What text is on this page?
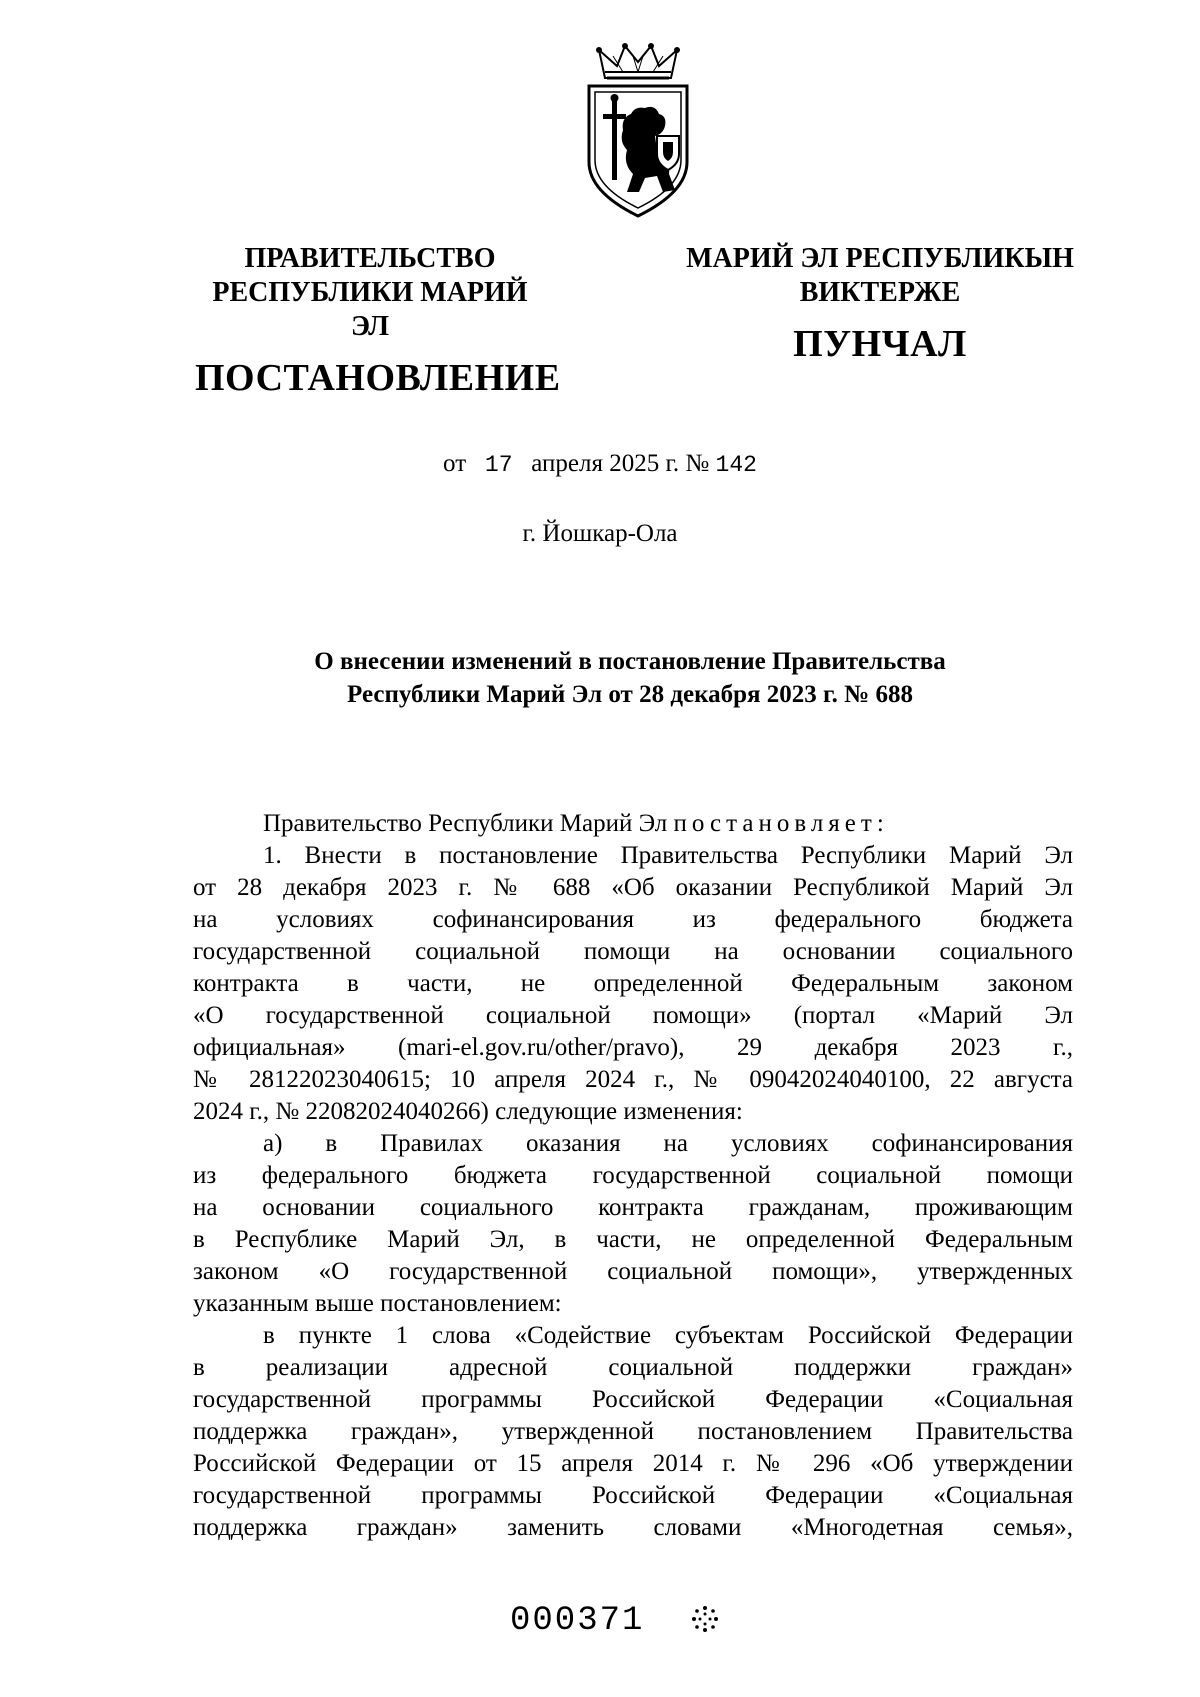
ПРАВИТЕЛЬСТВО
РЕСПУБЛИКИ МАРИЙ ЭЛ
ПОСТАНОВЛЕНИЕ
МАРИЙ ЭЛ РЕСПУБЛИКЫН
ВИКТЕРЖЕ
ПУНЧАЛ
от 17 апреля 2025 г. № 142
г. Йошкар-Ола
О внесении изменений в постановление Правительства
Республики Марий Эл от 28 декабря 2023 г. № 688

Правительство Республики Марий Эл постановляет:

1. Внести в постановление Правительства Республики Марий Эл

от 28 декабря 2023 г. № 688 «Об оказании Республикой Марий Эл

на условиях софинансирования из федерального бюджета

государственной социальной помощи на основании социального

контракта в части, не определенной Федеральным законом

«О государственной социальной помощи» (портал «Марий Эл

официальная» (mari-el.gov.ru/other/pravo), 29 декабря 2023 г.,

№ 28122023040615; 10 апреля 2024 г., № 09042024040100, 22 августа

2024 г., № 22082024040266) следующие изменения:

а) в Правилах оказания на условиях софинансирования

из федерального бюджета государственной социальной помощи

на основании социального контракта гражданам, проживающим

в Республике Марий Эл, в части, не определенной Федеральным

законом «О государственной социальной помощи», утвержденных

указанным выше постановлением:

в пункте 1 слова «Содействие субъектам Российской Федерации

в реализации адресной социальной поддержки граждан»

государственной программы Российской Федерации «Социальная

поддержка граждан», утвержденной постановлением Правительства

Российской Федерации от 15 апреля 2014 г. № 296 «Об утверждении

государственной программы Российской Федерации «Социальная

поддержка граждан» заменить словами «Многодетная семья»,

000371
